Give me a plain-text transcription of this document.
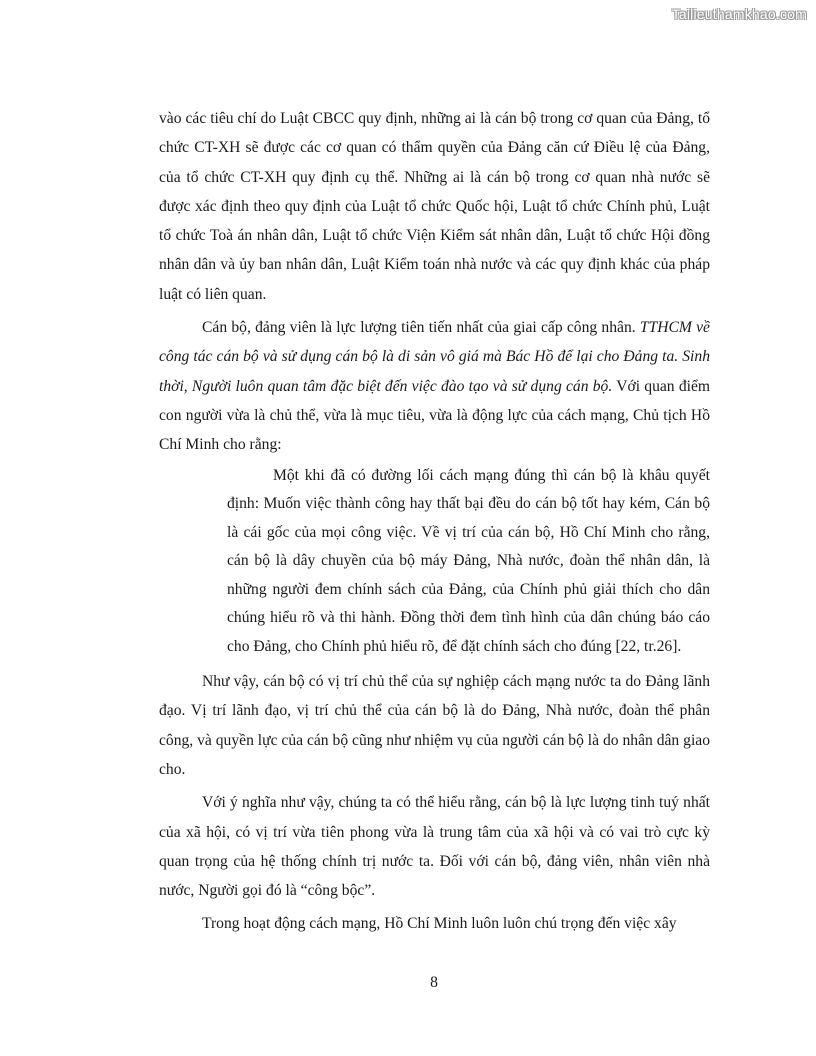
Tailieuthamkhao.com

vào các tiêu chí do Luật CBCC quy định, những ai là cán bộ trong cơ quan của Đảng, tổ chức CT-XH sẽ được các cơ quan có thẩm quyền của Đảng căn cứ Điều lệ của Đảng, của tổ chức CT-XH quy định cụ thể. Những ai là cán bộ trong cơ quan nhà nước sẽ được xác định theo quy định của Luật tổ chức Quốc hội, Luật tổ chức Chính phủ, Luật tổ chức Toà án nhân dân, Luật tổ chức Viện Kiểm sát nhân dân, Luật tổ chức Hội đồng nhân dân và ủy ban nhân dân, Luật Kiểm toán nhà nước và các quy định khác của pháp luật có liên quan.

Cán bộ, đảng viên là lực lượng tiên tiến nhất của giai cấp công nhân. TTHCM về công tác cán bộ và sử dụng cán bộ là di sản vô giá mà Bác Hồ để lại cho Đảng ta. Sinh thời, Người luôn quan tâm đặc biệt đến việc đào tạo và sử dụng cán bộ. Với quan điểm con người vừa là chủ thể, vừa là mục tiêu, vừa là động lực của cách mạng, Chủ tịch Hồ Chí Minh cho rằng:

Một khi đã có đường lối cách mạng đúng thì cán bộ là khâu quyết định: Muốn việc thành công hay thất bại đều do cán bộ tốt hay kém, Cán bộ là cái gốc của mọi công việc. Về vị trí của cán bộ, Hồ Chí Minh cho rằng, cán bộ là dây chuyền của bộ máy Đảng, Nhà nước, đoàn thể nhân dân, là những người đem chính sách của Đảng, của Chính phủ giải thích cho dân chúng hiểu rõ và thi hành. Đồng thời đem tình hình của dân chúng báo cáo cho Đảng, cho Chính phủ hiểu rõ, để đặt chính sách cho đúng [22, tr.26].

Như vậy, cán bộ có vị trí chủ thể của sự nghiệp cách mạng nước ta do Đảng lãnh đạo. Vị trí lãnh đạo, vị trí chủ thể của cán bộ là do Đảng, Nhà nước, đoàn thể phân công, và quyền lực của cán bộ cũng như nhiệm vụ của người cán bộ là do nhân dân giao cho.

Với ý nghĩa như vậy, chúng ta có thể hiểu rằng, cán bộ là lực lượng tinh tuý nhất của xã hội, có vị trí vừa tiên phong vừa là trung tâm của xã hội và có vai trò cực kỳ quan trọng của hệ thống chính trị nước ta. Đối với cán bộ, đảng viên, nhân viên nhà nước, Người gọi đó là “công bộc”.

Trong hoạt động cách mạng, Hồ Chí Minh luôn luôn chú trọng đến việc xây

8
